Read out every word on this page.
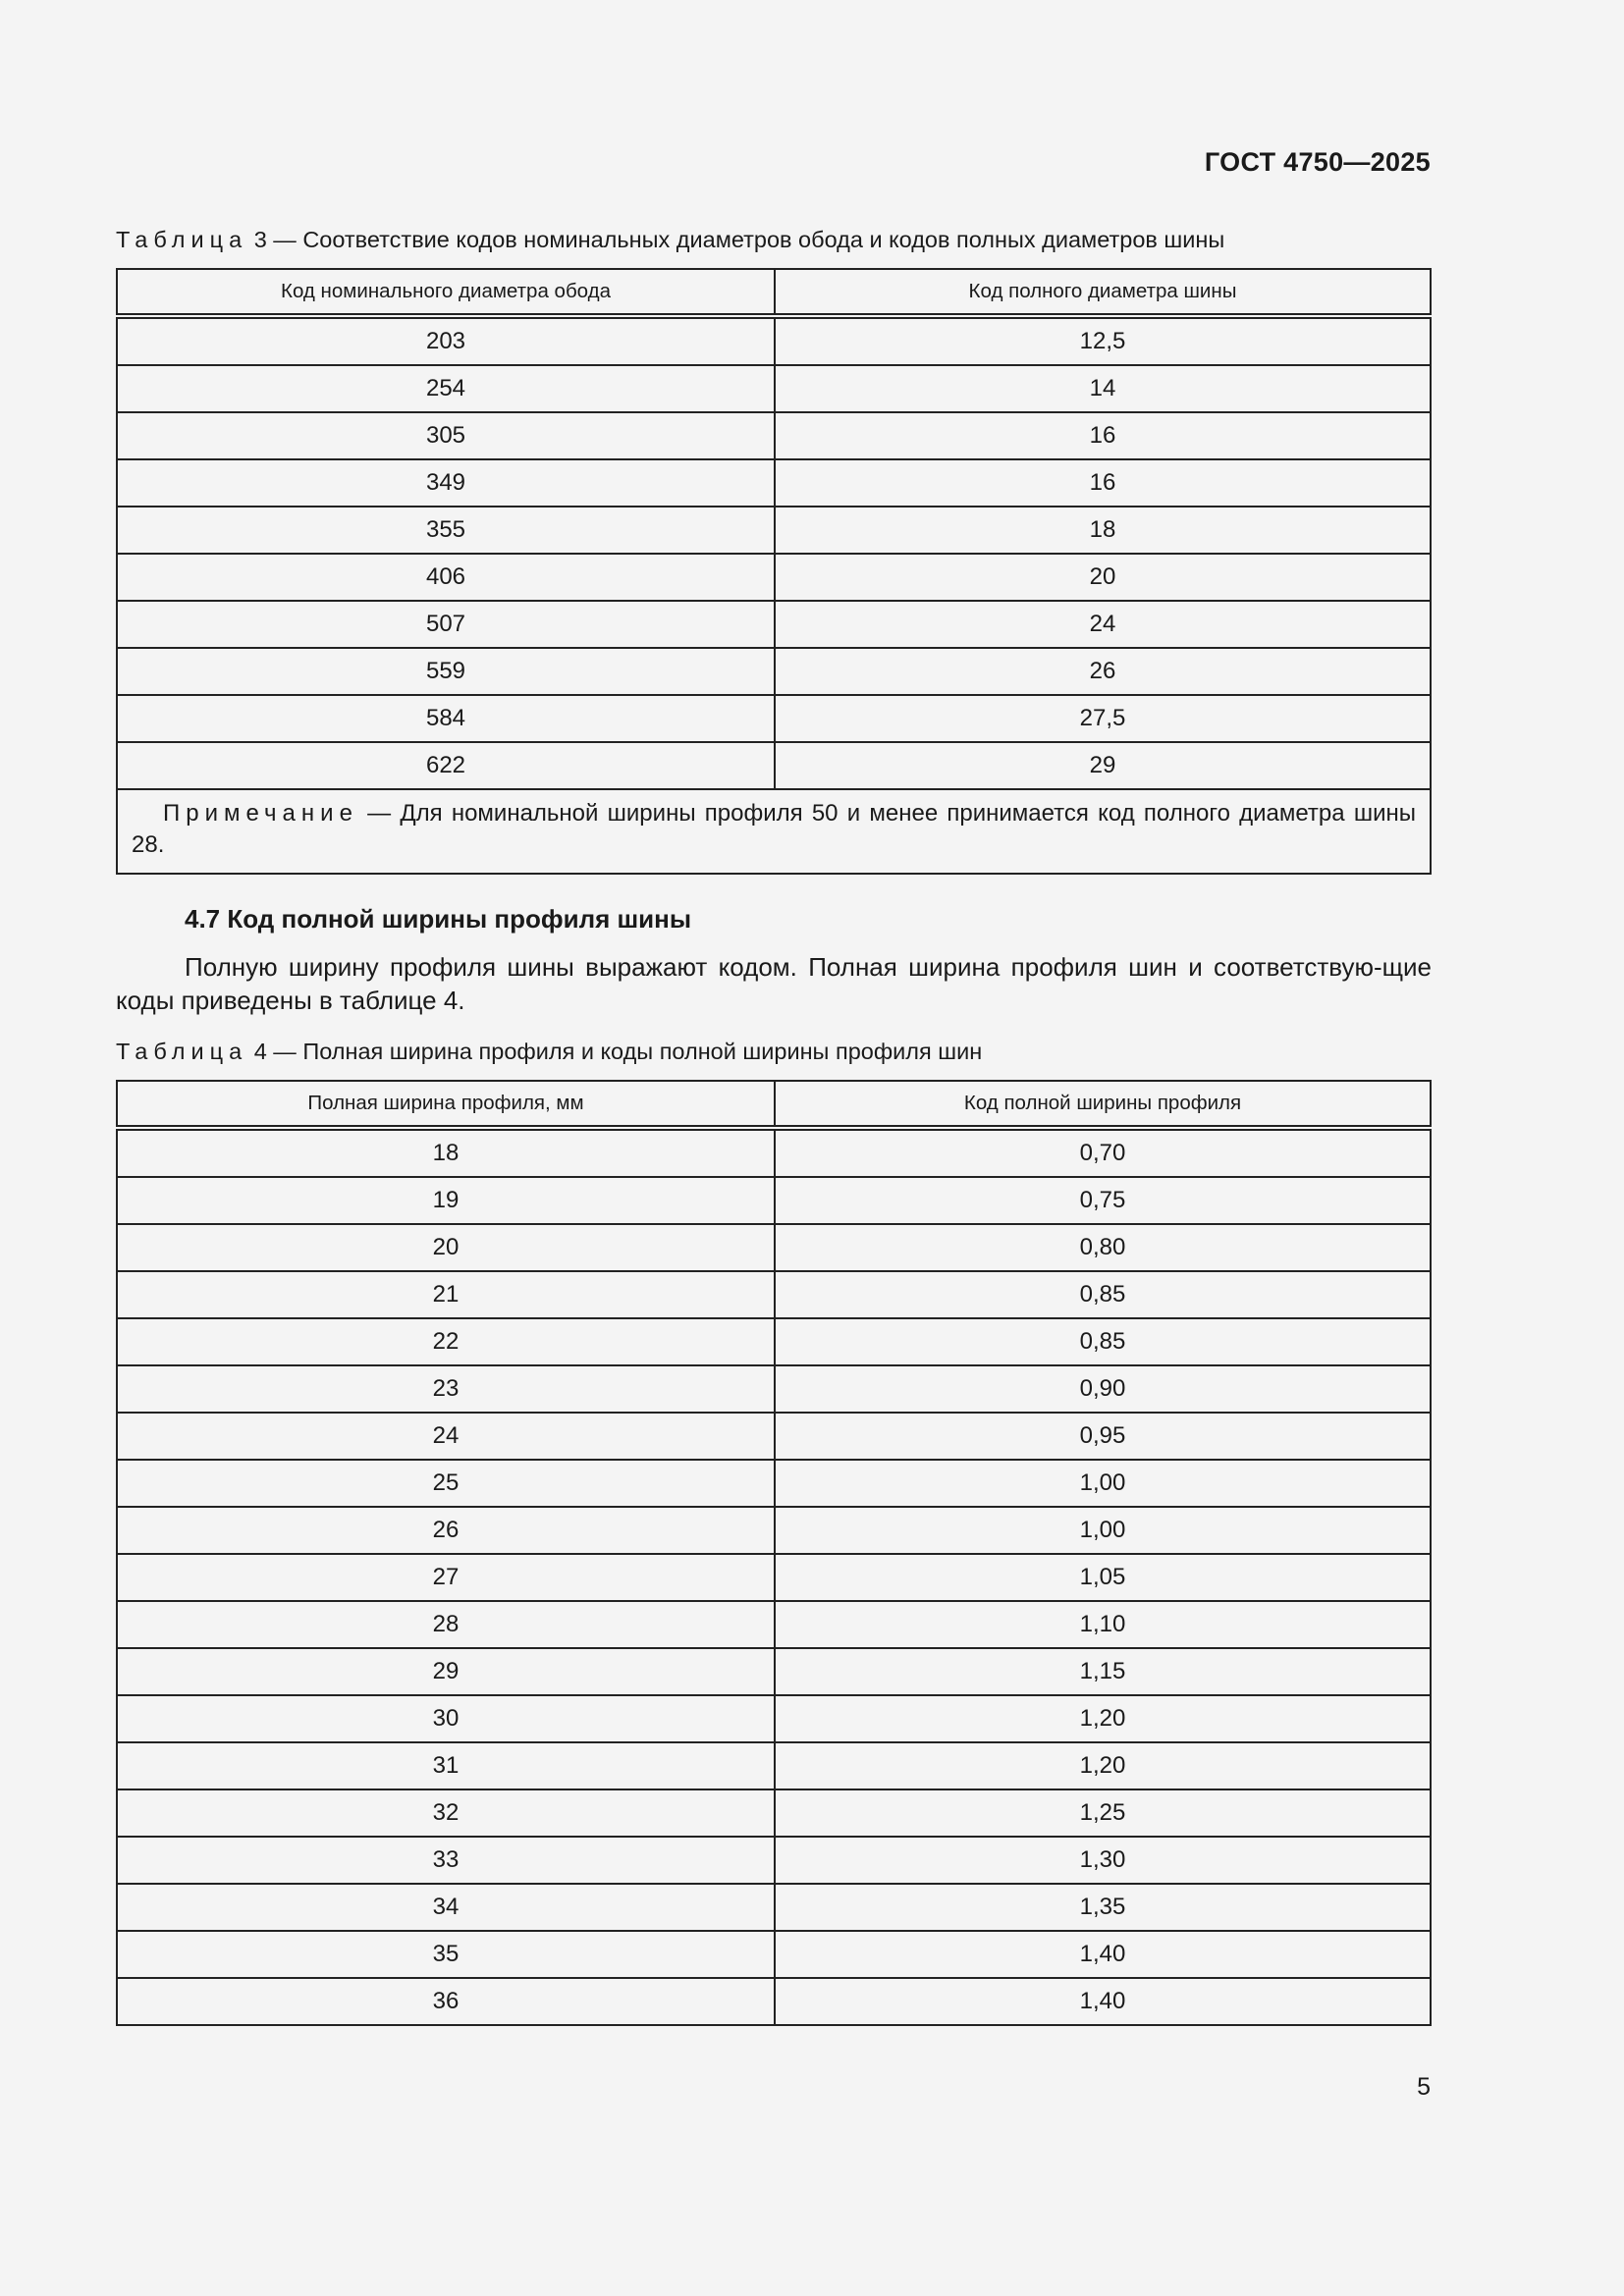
ГОСТ 4750—2025
Таблица 3 — Соответствие кодов номинальных диаметров обода и кодов полных диаметров шины
Код номинального диаметра обода	Код полного диаметра шины
203	12,5
254	14
305	16
349	16
355	18
406	20
507	24
559	26
584	27,5
622	29
Примечание — Для номинальной ширины профиля 50 и менее принимается код полного диаметра шины 28.	
4.7 Код полной ширины профиля шины
Полную ширину профиля шины выражают кодом. Полная ширина профиля шин и соответствую-щие коды приведены в таблице 4.
Таблица 4 — Полная ширина профиля и коды полной ширины профиля шин
Полная ширина профиля, мм	Код полной ширины профиля
18	0,70
19	0,75
20	0,80
21	0,85
22	0,85
23	0,90
24	0,95
25	1,00
26	1,00
27	1,05
28	1,10
29	1,15
30	1,20
31	1,20
32	1,25
33	1,30
34	1,35
35	1,40
36	1,40
5
